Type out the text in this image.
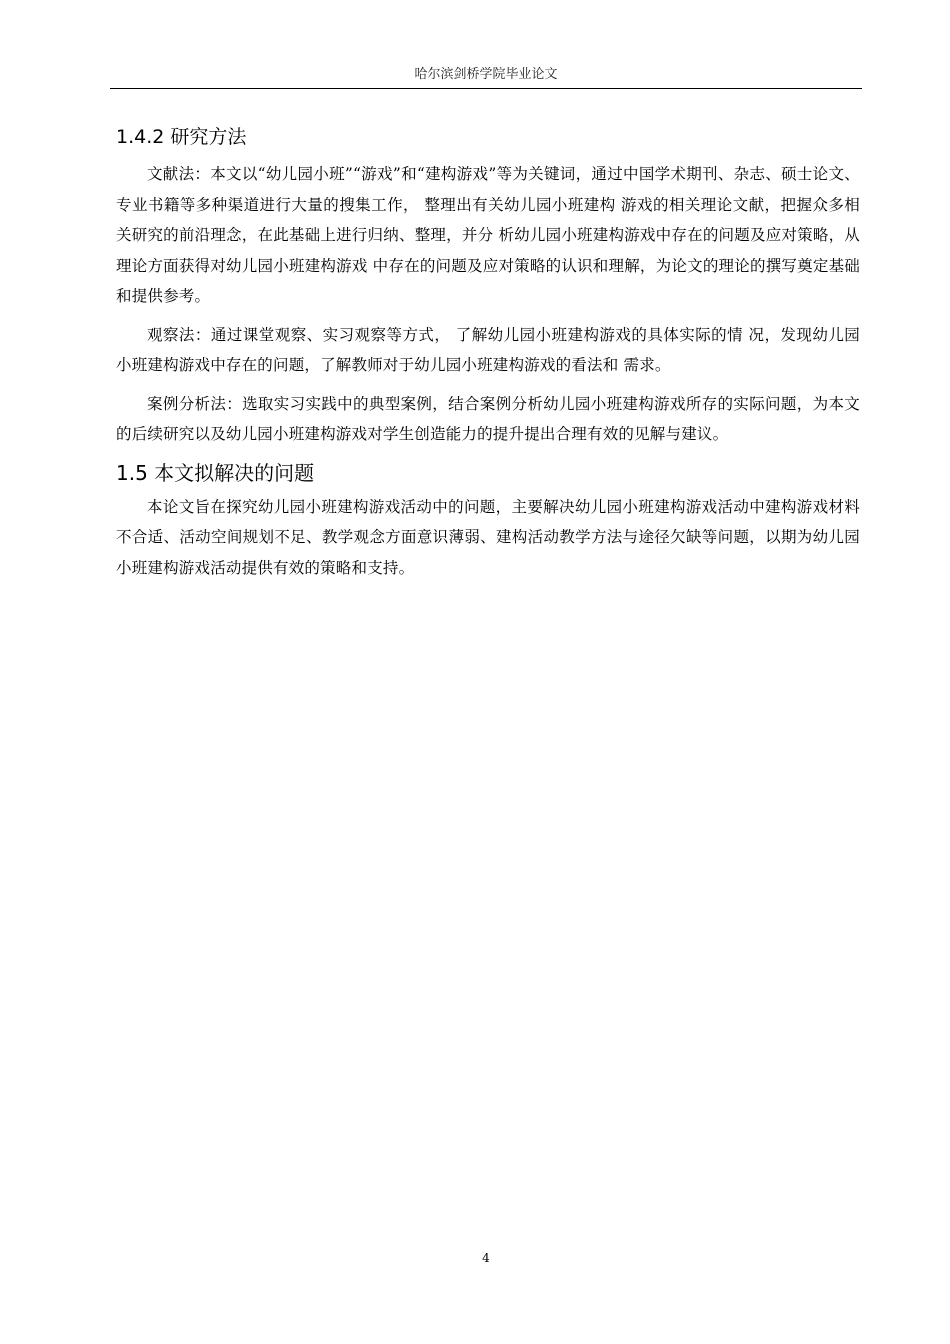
哈尔滨剑桥学院毕业论文
1.4.2 研究方法

文献法：本文以“幼儿园小班”“游戏”和“建构游戏”等为关键词，通过中国学术期刊、杂志、硕士论文、专业书籍等多种渠道进行大量的搜集工作， 整理出有关幼儿园小班建构 游戏的相关理论文献，把握众多相关研究的前沿理念，在此基础上进行归纳、整理，并分 析幼儿园小班建构游戏中存在的问题及应对策略，从理论方面获得对幼儿园小班建构游戏 中存在的问题及应对策略的认识和理解，为论文的理论的撰写奠定基础和提供参考。

观察法：通过课堂观察、实习观察等方式， 了解幼儿园小班建构游戏的具体实际的情 况，发现幼儿园小班建构游戏中存在的问题，了解教师对于幼儿园小班建构游戏的看法和 需求。

案例分析法：选取实习实践中的典型案例，结合案例分析幼儿园小班建构游戏所存的实际问题，为本文的后续研究以及幼儿园小班建构游戏对学生创造能力的提升提出合理有效的见解与建议。

1.5 本文拟解决的问题

本论文旨在探究幼儿园小班建构游戏活动中的问题，主要解决幼儿园小班建构游戏活动中建构游戏材料不合适、活动空间规划不足、教学观念方面意识薄弱、建构活动教学方法与途径欠缺等问题，以期为幼儿园小班建构游戏活动提供有效的策略和支持。

4
